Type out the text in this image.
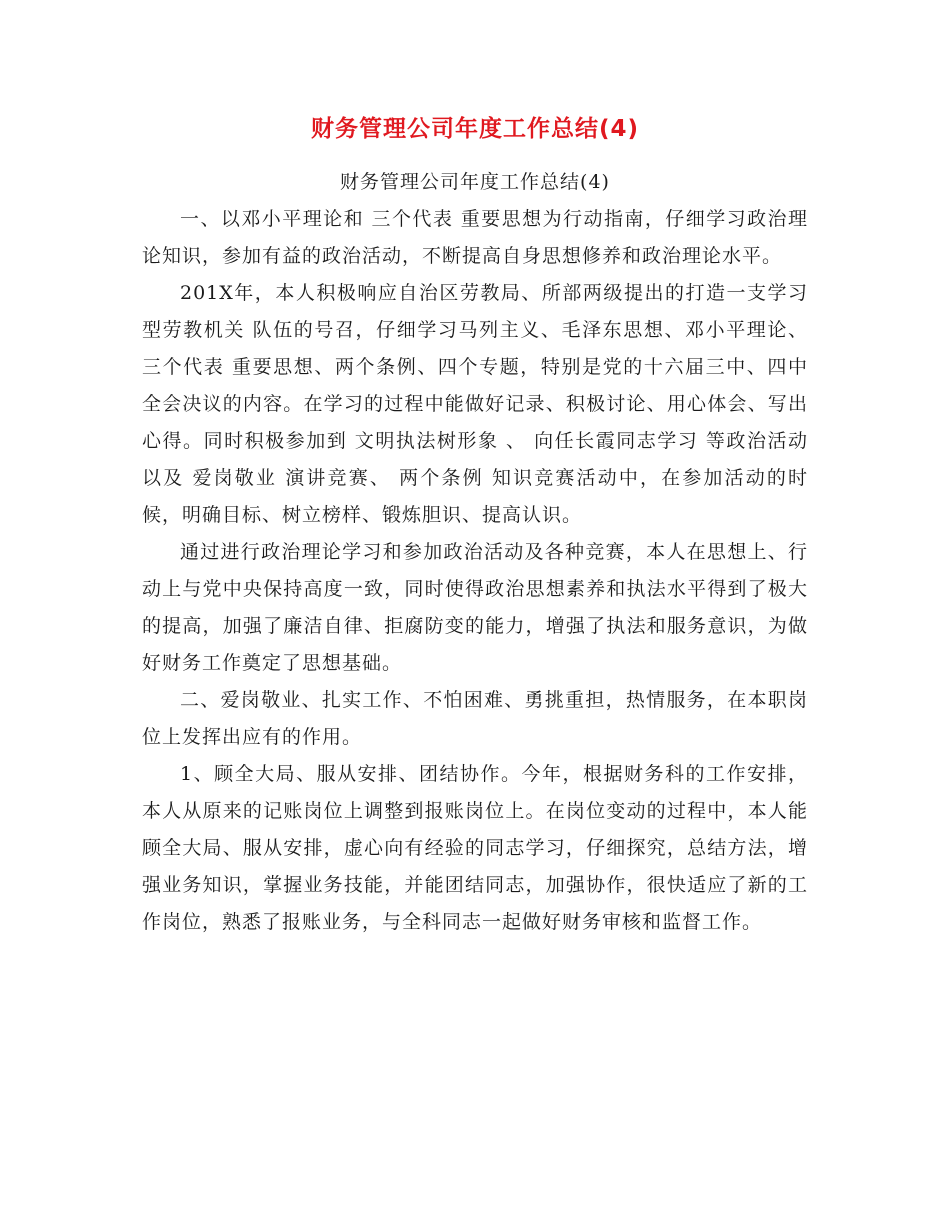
财务管理公司年度工作总结(4)

财务管理公司年度工作总结(4)

一、以邓小平理论和 三个代表 重要思想为行动指南，仔细学习政治理论知识，参加有益的政治活动，不断提高自身思想修养和政治理论水平。

201X年，本人积极响应自治区劳教局、所部两级提出的打造一支学习型劳教机关 队伍的号召，仔细学习马列主义、毛泽东思想、邓小平理论、 三个代表 重要思想、两个条例、四个专题，特别是党的十六届三中、四中全会决议的内容。在学习的过程中能做好记录、积极讨论、用心体会、写出心得。同时积极参加到 文明执法树形象 、 向任长霞同志学习 等政治活动以及 爱岗敬业 演讲竞赛、 两个条例 知识竞赛活动中，在参加活动的时候，明确目标、树立榜样、锻炼胆识、提高认识。

通过进行政治理论学习和参加政治活动及各种竞赛，本人在思想上、行动上与党中央保持高度一致，同时使得政治思想素养和执法水平得到了极大的提高，加强了廉洁自律、拒腐防变的能力，增强了执法和服务意识，为做好财务工作奠定了思想基础。

二、爱岗敬业、扎实工作、不怕困难、勇挑重担，热情服务，在本职岗位上发挥出应有的作用。

1、顾全大局、服从安排、团结协作。今年，根据财务科的工作安排，本人从原来的记账岗位上调整到报账岗位上。在岗位变动的过程中，本人能顾全大局、服从安排，虚心向有经验的同志学习，仔细探究，总结方法，增强业务知识，掌握业务技能，并能团结同志，加强协作，很快适应了新的工作岗位，熟悉了报账业务，与全科同志一起做好财务审核和监督工作。
